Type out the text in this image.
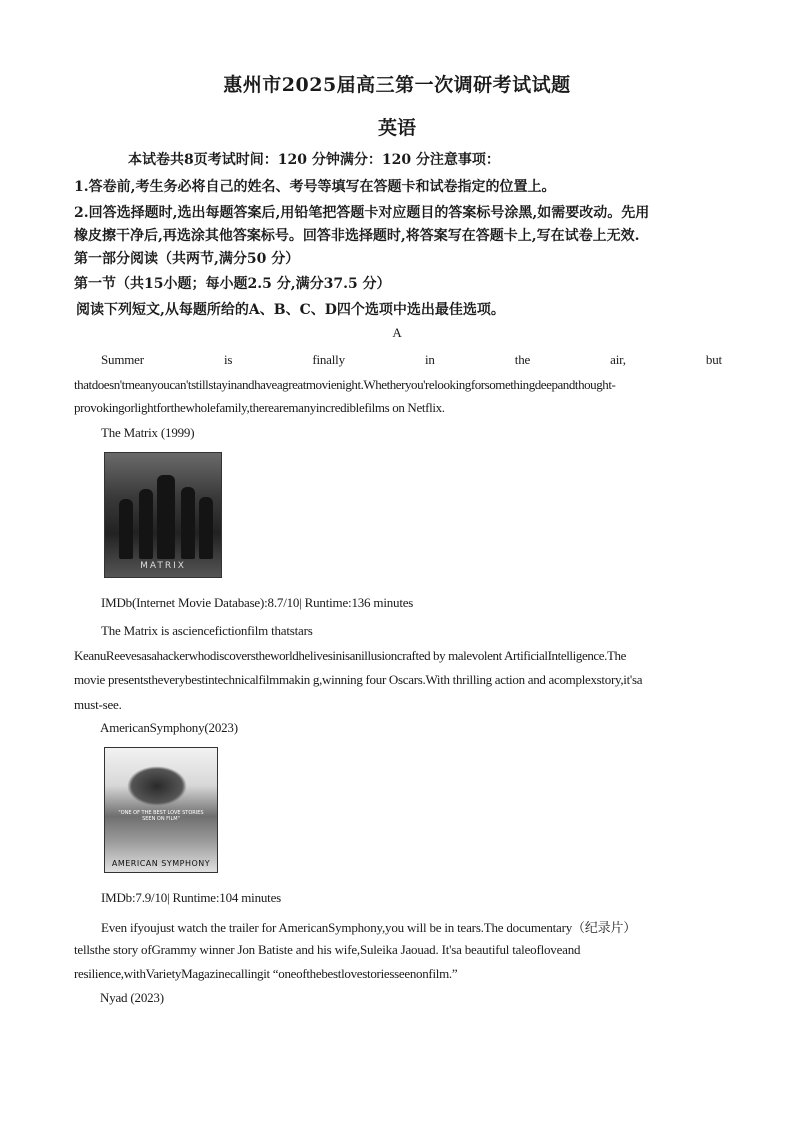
惠州市2025届高三第一次调研考试试题
英语
本试卷共8页考试时间：120 分钟满分：120 分注意事项：
1.答卷前,考生务必将自己的姓名、考号等填写在答题卡和试卷指定的位置上。
2.回答选择题时,选出每题答案后,用铅笔把答题卡对应题目的答案标号涂黑,如需要改动。先用
橡皮擦干净后,再选涂其他答案标号。回答非选择题时,将答案写在答题卡上,写在试卷上无效.
第一部分阅读（共两节,满分50 分）
第一节（共15小题；每小题2.5 分,满分37.5 分）
阅读下列短文,从每题所给的A、B、C、D四个选项中选出最佳选项。
A
Summer	is	finally	in	the	air,	but
thatdoesn'tmeanyoucan'tstillstayinandhaveagreatmovienight.Whetheryou'relookingforsomethingdeepandthought-
provokingorlightforthewholefamily,therearemanyincrediblefilms on Netflix.
The Matrix (1999)
MATRIX
IMDb(Internet Movie Database):8.7/10| Runtime:136 minutes
The Matrix is asciencefictionfilm thatstars
KeanuReevesasahackerwhodiscoverstheworldhelivesinisanillusioncrafted by malevolent ArtificialIntelligence.The
movie presentstheverybestintechnicalfilmmakin g,winning four Oscars.With thrilling action and acomplexstory,it'sa
must-see.
AmericanSymphony(2023)
"ONE OF THE BEST LOVE STORIES SEEN ON FILM"
AMERICAN SYMPHONY
IMDb:7.9/10| Runtime:104 minutes
Even ifyoujust watch the trailer for AmericanSymphony,you will be in tears.The documentary（纪录片）
tellsthe story ofGrammy winner Jon Batiste and his wife,Suleika Jaouad. It'sa beautiful taleofloveand
resilience,withVarietyMagazinecallingit “oneofthebestlovestoriesseenonfilm.”
Nyad (2023)
